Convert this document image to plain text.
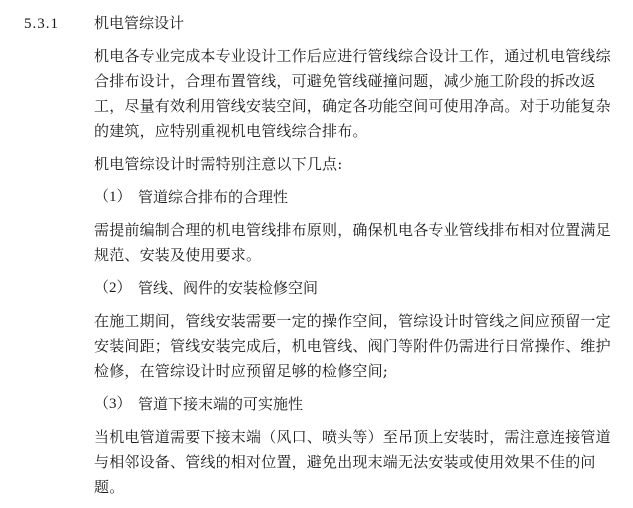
5.3.1	机电管综设计

机电各专业完成本专业设计工作后应进行管线综合设计工作，通过机电管线综合排布设计，合理布置管线，可避免管线碰撞问题，减少施工阶段的拆改返工，尽量有效利用管线安装空间，确定各功能空间可使用净高。对于功能复杂的建筑，应特别重视机电管线综合排布。

机电管综设计时需特别注意以下几点:

（1） 管道综合排布的合理性

需提前编制合理的机电管线排布原则，确保机电各专业管线排布相对位置满足规范、安装及使用要求。

（2） 管线、阀件的安装检修空间

在施工期间，管线安装需要一定的操作空间，管综设计时管线之间应预留一定安装间距；管线安装完成后，机电管线、阀门等附件仍需进行日常操作、维护检修，在管综设计时应预留足够的检修空间;

（3） 管道下接末端的可实施性

当机电管道需要下接末端（风口、喷头等）至吊顶上安装时，需注意连接管道与相邻设备、管线的相对位置，避免出现末端无法安装或使用效果不佳的问题。
